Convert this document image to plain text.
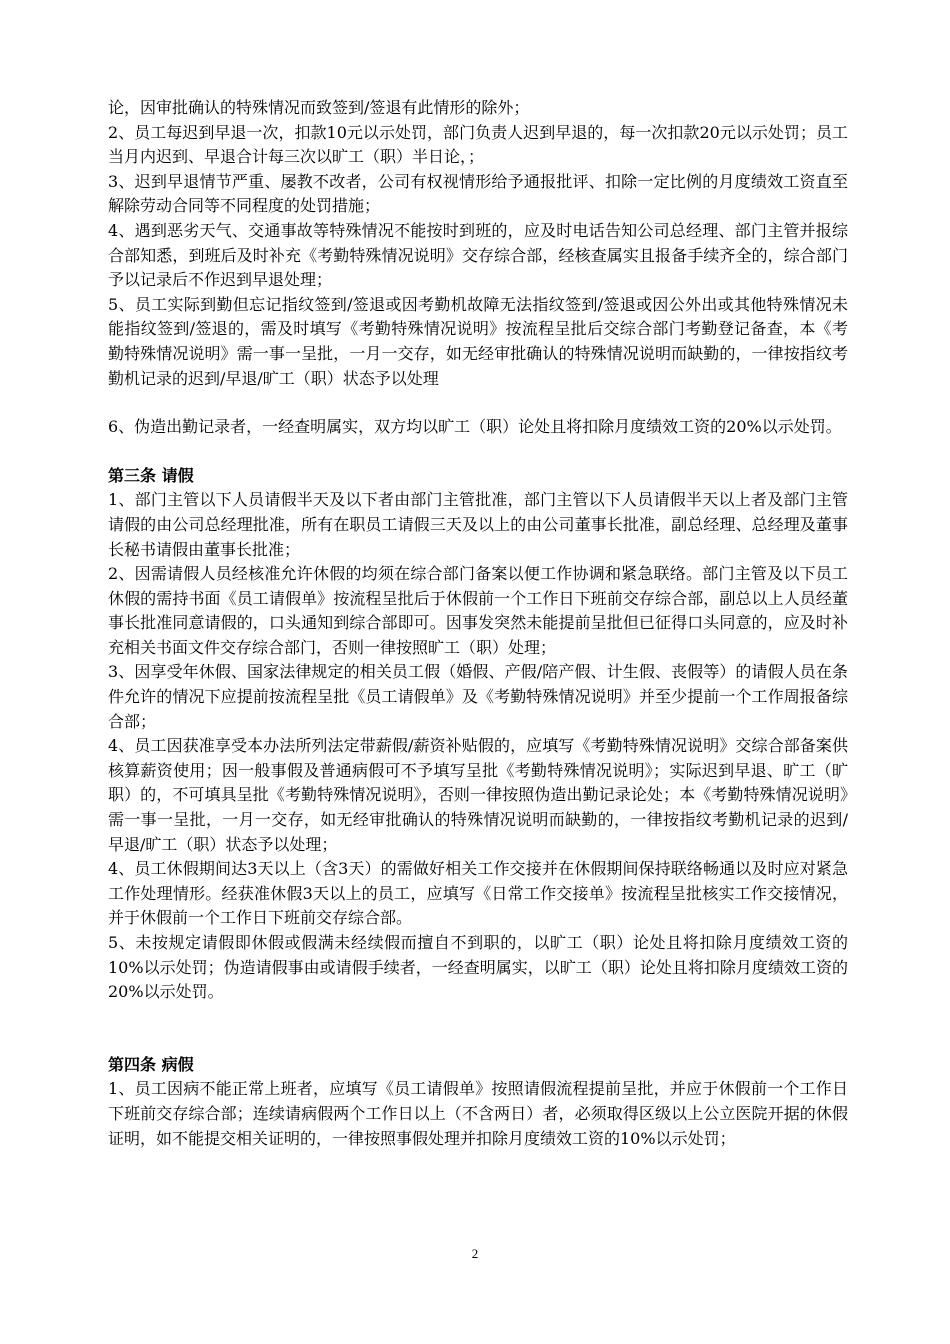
论，因审批确认的特殊情况而致签到/签退有此情形的除外；

2、员工每迟到早退一次，扣款10元以示处罚，部门负责人迟到早退的，每一次扣款20元以示处罚；员工当月内迟到、早退合计每三次以旷工（职）半日论，；

3、迟到早退情节严重、屡教不改者，公司有权视情形给予通报批评、扣除一定比例的月度绩效工资直至解除劳动合同等不同程度的处罚措施；

4、遇到恶劣天气、交通事故等特殊情况不能按时到班的，应及时电话告知公司总经理、部门主管并报综合部知悉，到班后及时补充《考勤特殊情况说明》交存综合部，经核查属实且报备手续齐全的，综合部门予以记录后不作迟到早退处理；

5、员工实际到勤但忘记指纹签到/签退或因考勤机故障无法指纹签到/签退或因公外出或其他特殊情况未能指纹签到/签退的，需及时填写《考勤特殊情况说明》按流程呈批后交综合部门考勤登记备查，本《考勤特殊情况说明》需一事一呈批，一月一交存，如无经审批确认的特殊情况说明而缺勤的，一律按指纹考勤机记录的迟到/早退/旷工（职）状态予以处理

6、伪造出勤记录者，一经查明属实，双方均以旷工（职）论处且将扣除月度绩效工资的20%以示处罚。

第三条 请假

1、部门主管以下人员请假半天及以下者由部门主管批准，部门主管以下人员请假半天以上者及部门主管请假的由公司总经理批准，所有在职员工请假三天及以上的由公司董事长批准，副总经理、总经理及董事长秘书请假由董事长批准；

2、因需请假人员经核准允许休假的均须在综合部门备案以便工作协调和紧急联络。部门主管及以下员工休假的需持书面《员工请假单》按流程呈批后于休假前一个工作日下班前交存综合部，副总以上人员经董事长批准同意请假的，口头通知到综合部即可。因事发突然未能提前呈批但已征得口头同意的，应及时补充相关书面文件交存综合部门，否则一律按照旷工（职）处理；

3、因享受年休假、国家法律规定的相关员工假（婚假、产假/陪产假、计生假、丧假等）的请假人员在条件允许的情况下应提前按流程呈批《员工请假单》及《考勤特殊情况说明》并至少提前一个工作周报备综合部；

4、员工因获准享受本办法所列法定带薪假/薪资补贴假的，应填写《考勤特殊情况说明》交综合部备案供核算薪资使用；因一般事假及普通病假可不予填写呈批《考勤特殊情况说明》；实际迟到早退、旷工（旷职）的，不可填具呈批《考勤特殊情况说明》，否则一律按照伪造出勤记录论处；本《考勤特殊情况说明》需一事一呈批，一月一交存，如无经审批确认的特殊情况说明而缺勤的，一律按指纹考勤机记录的迟到/早退/旷工（职）状态予以处理；

4、员工休假期间达3天以上（含3天）的需做好相关工作交接并在休假期间保持联络畅通以及时应对紧急工作处理情形。经获准休假3天以上的员工，应填写《日常工作交接单》按流程呈批核实工作交接情况，并于休假前一个工作日下班前交存综合部。

5、未按规定请假即休假或假满未经续假而擅自不到职的，以旷工（职）论处且将扣除月度绩效工资的10%以示处罚；伪造请假事由或请假手续者，一经查明属实，以旷工（职）论处且将扣除月度绩效工资的20%以示处罚。

第四条 病假

1、员工因病不能正常上班者，应填写《员工请假单》按照请假流程提前呈批，并应于休假前一个工作日下班前交存综合部；连续请病假两个工作日以上（不含两日）者，必须取得区级以上公立医院开据的休假证明，如不能提交相关证明的，一律按照事假处理并扣除月度绩效工资的10%以示处罚；

2
